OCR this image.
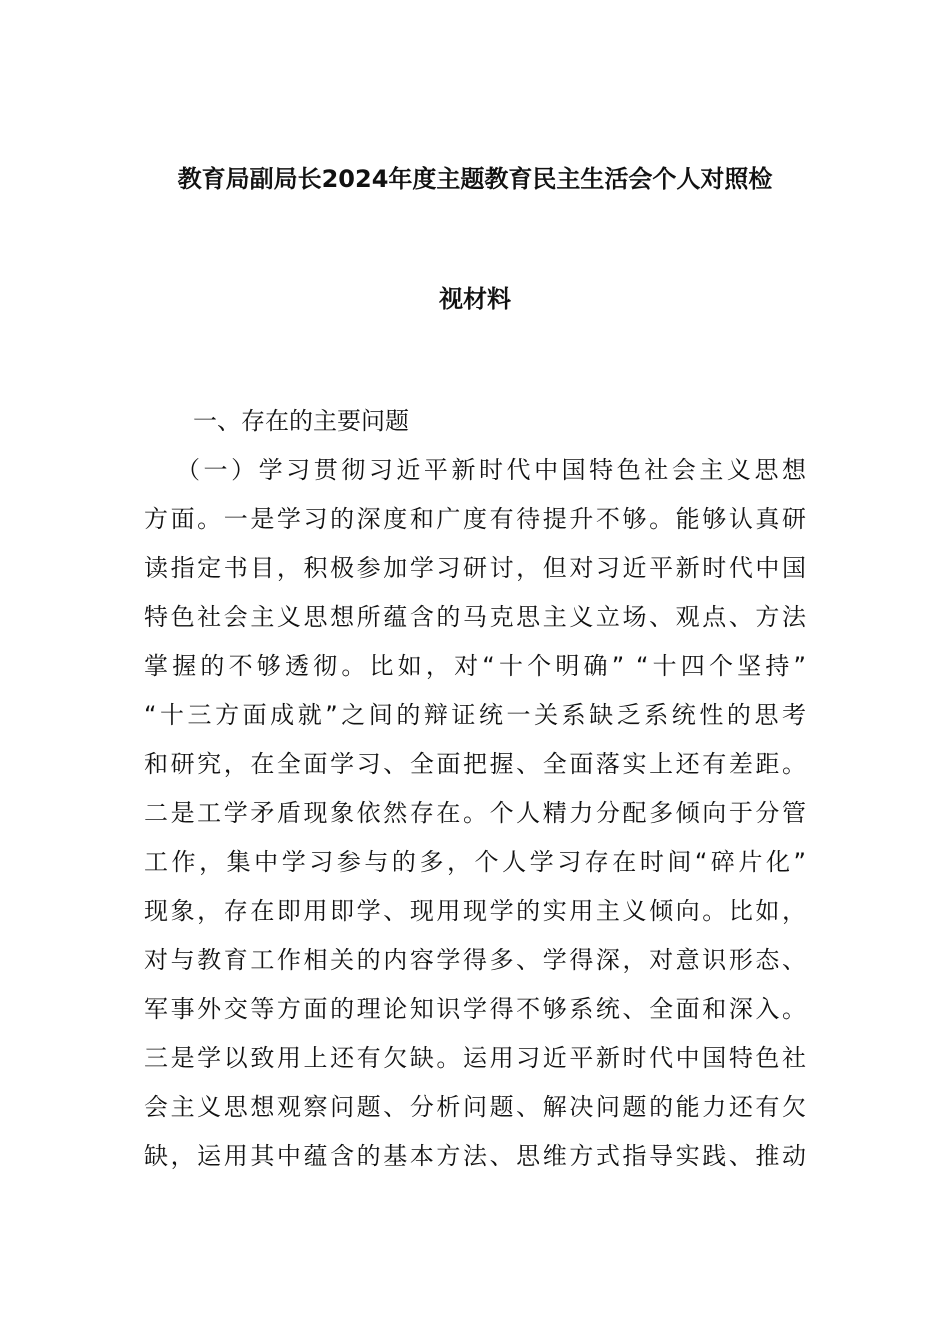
教育局副局长2024年度主题教育民主生活会个人对照检
视材料
一、存在的主要问题
（一）学习贯彻习近平新时代中国特色社会主义思想
方面。一是学习的深度和广度有待提升不够。能够认真研
读指定书目，积极参加学习研讨，但对习近平新时代中国
特色社会主义思想所蕴含的马克思主义立场、观点、方法
掌握的不够透彻。比如，对“十个明确” “十四个坚持”
“十三方面成就”之间的辩证统一关系缺乏系统性的思考
和研究，在全面学习、全面把握、全面落实上还有差距。
二是工学矛盾现象依然存在。个人精力分配多倾向于分管
工作，集中学习参与的多，个人学习存在时间“碎片化”
现象，存在即用即学、现用现学的实用主义倾向。比如，
对与教育工作相关的内容学得多、学得深，对意识形态、
军事外交等方面的理论知识学得不够系统、全面和深入。
三是学以致用上还有欠缺。运用习近平新时代中国特色社
会主义思想观察问题、分析问题、解决问题的能力还有欠
缺，运用其中蕴含的基本方法、思维方式指导实践、推动
